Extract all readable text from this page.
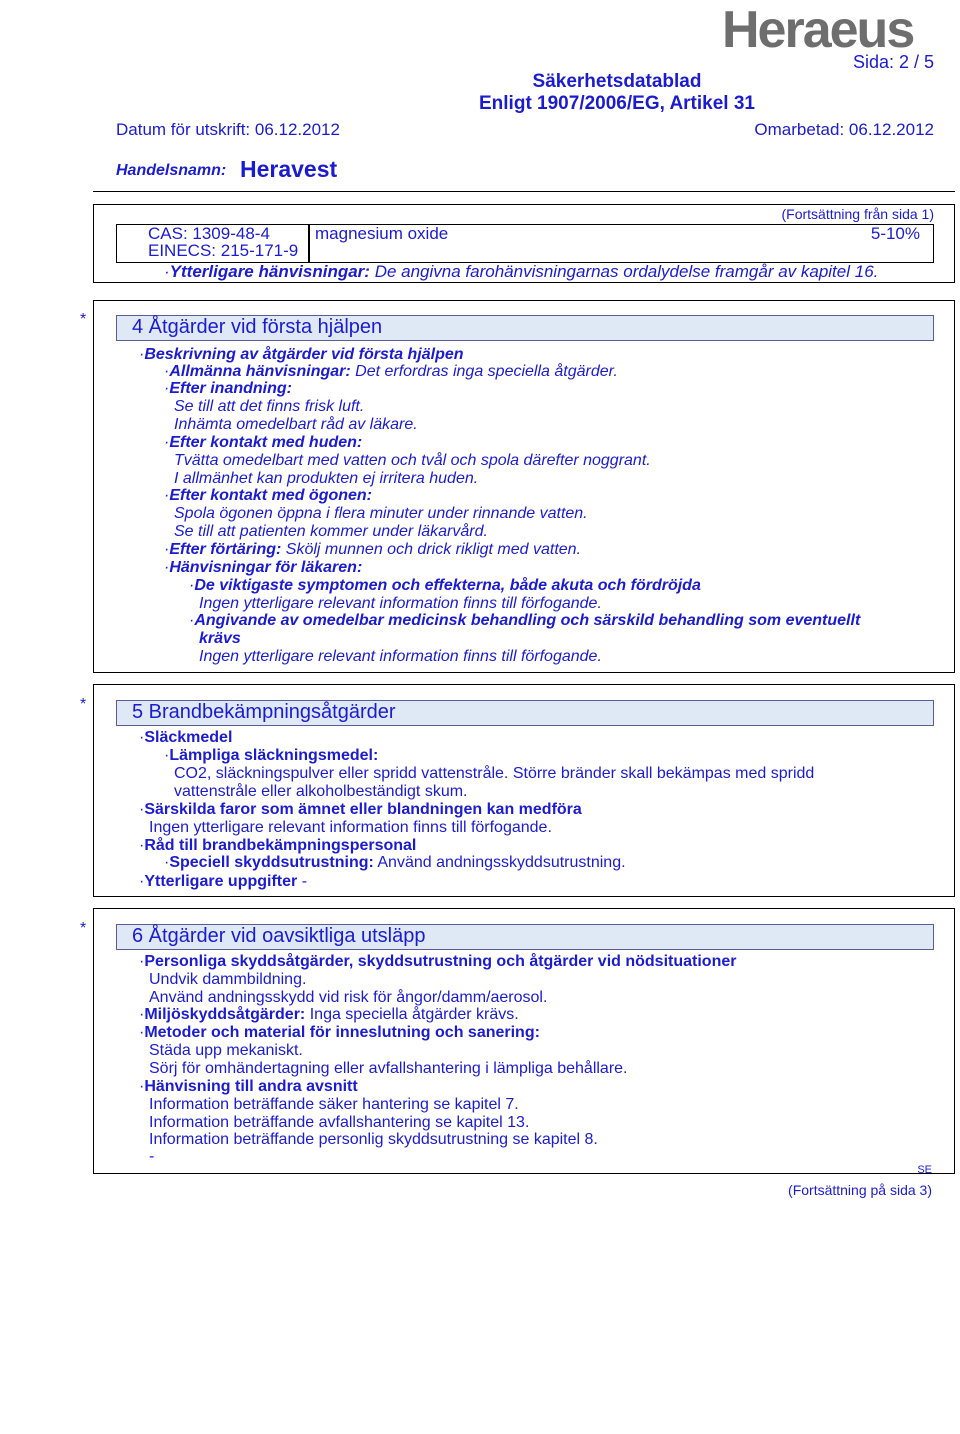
Heraeus
Sida: 2 / 5
Säkerhetsdatablad
Enligt 1907/2006/EG, Artikel 31
Datum för utskrift: 06.12.2012	Omarbetad: 06.12.2012
Handelsnamn: Heravest
(Fortsättning från sida 1)
CAS: 1309-48-4
EINECS: 215-171-9
magnesium oxide	5-10%
· Ytterligare hänvisningar: De angivna farohänvisningarnas ordalydelse framgår av kapitel 16.
* 4 Åtgärder vid första hjälpen
· Beskrivning av åtgärder vid första hjälpen
· Allmänna hänvisningar: Det erfordras inga speciella åtgärder.
· Efter inandning:
Se till att det finns frisk luft.
Inhämta omedelbart råd av läkare.
· Efter kontakt med huden:
Tvätta omedelbart med vatten och tvål och spola därefter noggrant.
I allmänhet kan produkten ej irritera huden.
· Efter kontakt med ögonen:
Spola ögonen öppna i flera minuter under rinnande vatten.
Se till att patienten kommer under läkarvård.
· Efter förtäring: Skölj munnen och drick rikligt med vatten.
· Hänvisningar för läkaren:
· De viktigaste symptomen och effekterna, både akuta och fördröjda
Ingen ytterligare relevant information finns till förfogande.
· Angivande av omedelbar medicinsk behandling och särskild behandling som eventuellt
krävs
Ingen ytterligare relevant information finns till förfogande.
* 5 Brandbekämpningsåtgärder
· Släckmedel
· Lämpliga släckningsmedel:
CO2, släckningspulver eller spridd vattenstråle. Större bränder skall bekämpas med spridd
vattenstråle eller alkoholbeständigt skum.
· Särskilda faror som ämnet eller blandningen kan medföra
Ingen ytterligare relevant information finns till förfogande.
· Råd till brandbekämpningspersonal
· Speciell skyddsutrustning: Använd andningsskyddsutrustning.
· Ytterligare uppgifter -
* 6 Åtgärder vid oavsiktliga utsläpp
· Personliga skyddsåtgärder, skyddsutrustning och åtgärder vid nödsituationer
Undvik dammbildning.
Använd andningsskydd vid risk för ångor/damm/aerosol.
· Miljöskyddsåtgärder: Inga speciella åtgärder krävs.
· Metoder och material för inneslutning och sanering:
Städa upp mekaniskt.
Sörj för omhändertagning eller avfallshantering i lämpliga behållare.
· Hänvisning till andra avsnitt
Information beträffande säker hantering se kapitel 7.
Information beträffande avfallshantering se kapitel 13.
Information beträffande personlig skyddsutrustning se kapitel 8.
-
SE
(Fortsättning på sida 3)
